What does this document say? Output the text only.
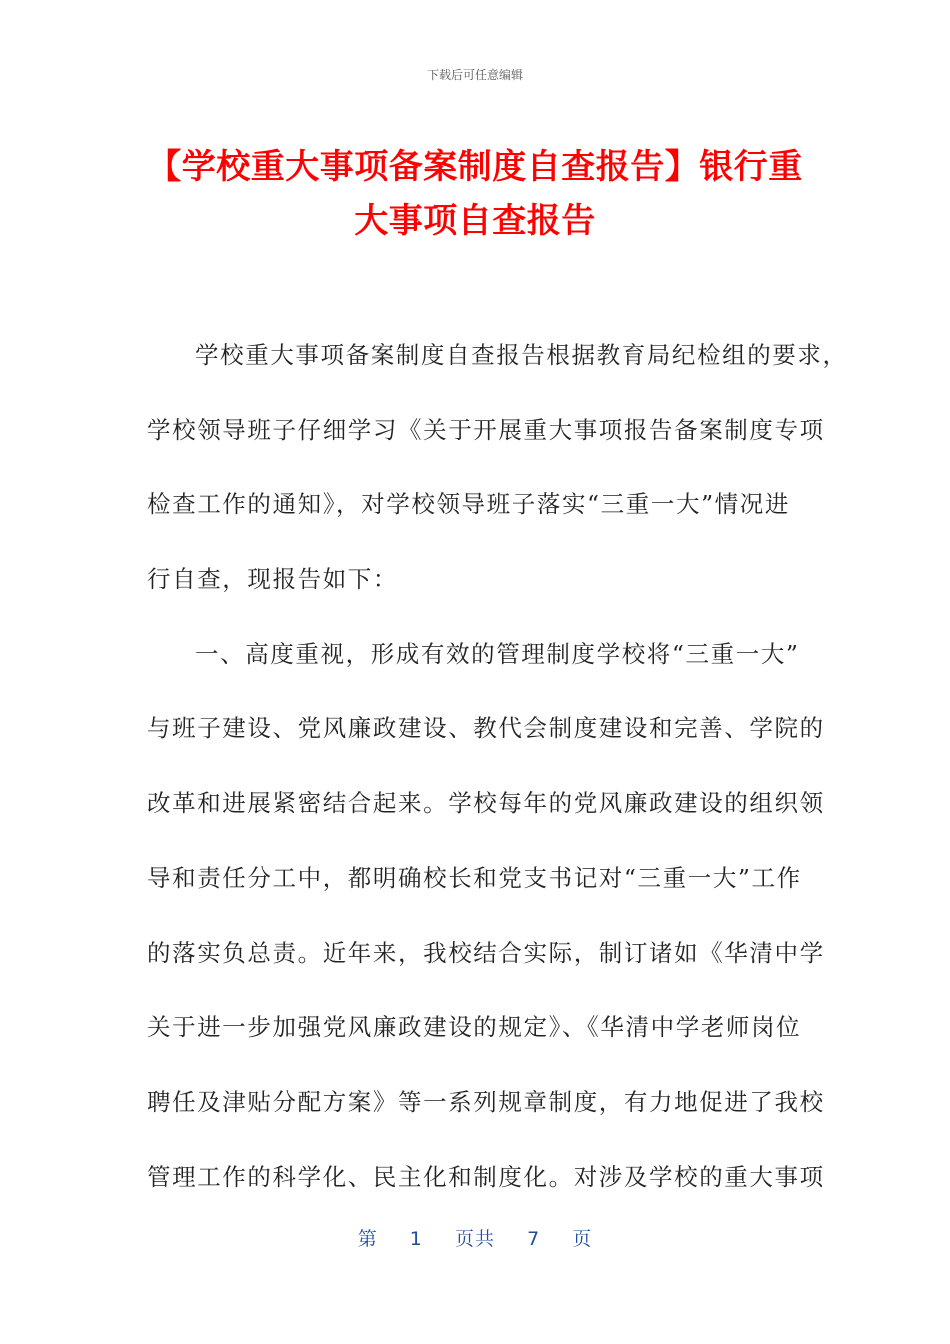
下载后可任意编辑
【学校重大事项备案制度自查报告】银行重
大事项自查报告
学校重大事项备案制度自查报告根据教育局纪检组的要求，
学校领导班子仔细学习《关于开展重大事项报告备案制度专项
检查工作的通知》，对学校领导班子落实“三重一大”情况进
行自查，现报告如下：
一、高度重视，形成有效的管理制度学校将“三重一大”
与班子建设、党风廉政建设、教代会制度建设和完善、学院的
改革和进展紧密结合起来。学校每年的党风廉政建设的组织领
导和责任分工中，都明确校长和党支书记对“三重一大”工作
的落实负总责。近年来，我校结合实际，制订诸如《华清中学
关于进一步加强党风廉政建设的规定》、《华清中学老师岗位
聘任及津贴分配方案》等一系列规章制度，有力地促进了我校
管理工作的科学化、民主化和制度化。对涉及学校的重大事项
第 1 页共 7 页
